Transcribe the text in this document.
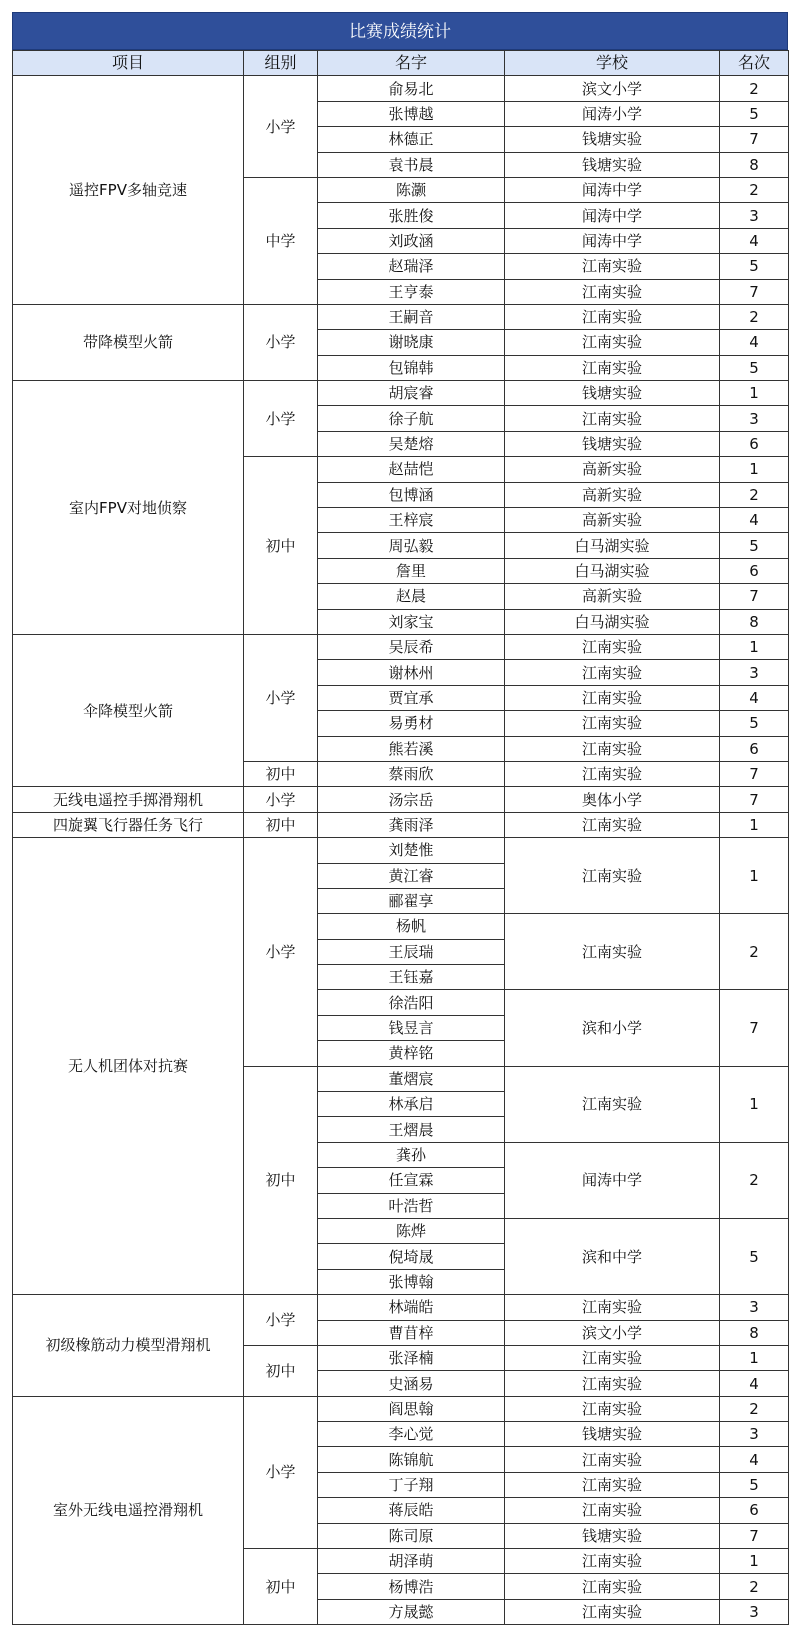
比赛成绩统计
项目	组别	名字	学校	名次
遥控FPV多轴竞速	小学	俞易北	滨文小学	2
		张博越	闻涛小学	5
		林德正	钱塘实验	7
		袁书晨	钱塘实验	8
	中学	陈灏	闻涛中学	2
		张胜俊	闻涛中学	3
		刘政涵	闻涛中学	4
		赵瑞泽	江南实验	5
		王亨泰	江南实验	7
带降模型火箭	小学	王嗣音	江南实验	2
		谢晓康	江南实验	4
		包锦韩	江南实验	5
室内FPV对地侦察	小学	胡宸睿	钱塘实验	1
		徐子航	江南实验	3
		吴楚熔	钱塘实验	6
	初中	赵喆恺	高新实验	1
		包博涵	高新实验	2
		王梓宸	高新实验	4
		周弘毅	白马湖实验	5
		詹里	白马湖实验	6
		赵晨	高新实验	7
		刘家宝	白马湖实验	8
伞降模型火箭	小学	吴辰希	江南实验	1
		谢林州	江南实验	3
		贾宜承	江南实验	4
		易勇材	江南实验	5
		熊若溪	江南实验	6
	初中	蔡雨欣	江南实验	7
无线电遥控手掷滑翔机	小学	汤宗岳	奥体小学	7
四旋翼飞行器任务飞行	初中	龚雨泽	江南实验	1
无人机团体对抗赛	小学	刘楚惟	江南实验	1
		黄江睿		
		郦翟享		
		杨帆	江南实验	2
		王辰瑞		
		王钰嘉		
		徐浩阳	滨和小学	7
		钱昱言		
		黄梓铭		
	初中	董熠宸	江南实验	1
		林承启		
		王熠晨		
		龚孙	闻涛中学	2
		任宣霖		
		叶浩哲		
		陈烨	滨和中学	5
		倪埼晟		
		张博翰		
初级橡筋动力模型滑翔机	小学	林端皓	江南实验	3
		曹苜梓	滨文小学	8
	初中	张泽楠	江南实验	1
		史涵易	江南实验	4
室外无线电遥控滑翔机	小学	阎思翰	江南实验	2
		李心觉	钱塘实验	3
		陈锦航	江南实验	4
		丁子翔	江南实验	5
		蒋辰皓	江南实验	6
		陈司原	钱塘实验	7
	初中	胡泽萌	江南实验	1
		杨博浩	江南实验	2
		方晟懿	江南实验	3
